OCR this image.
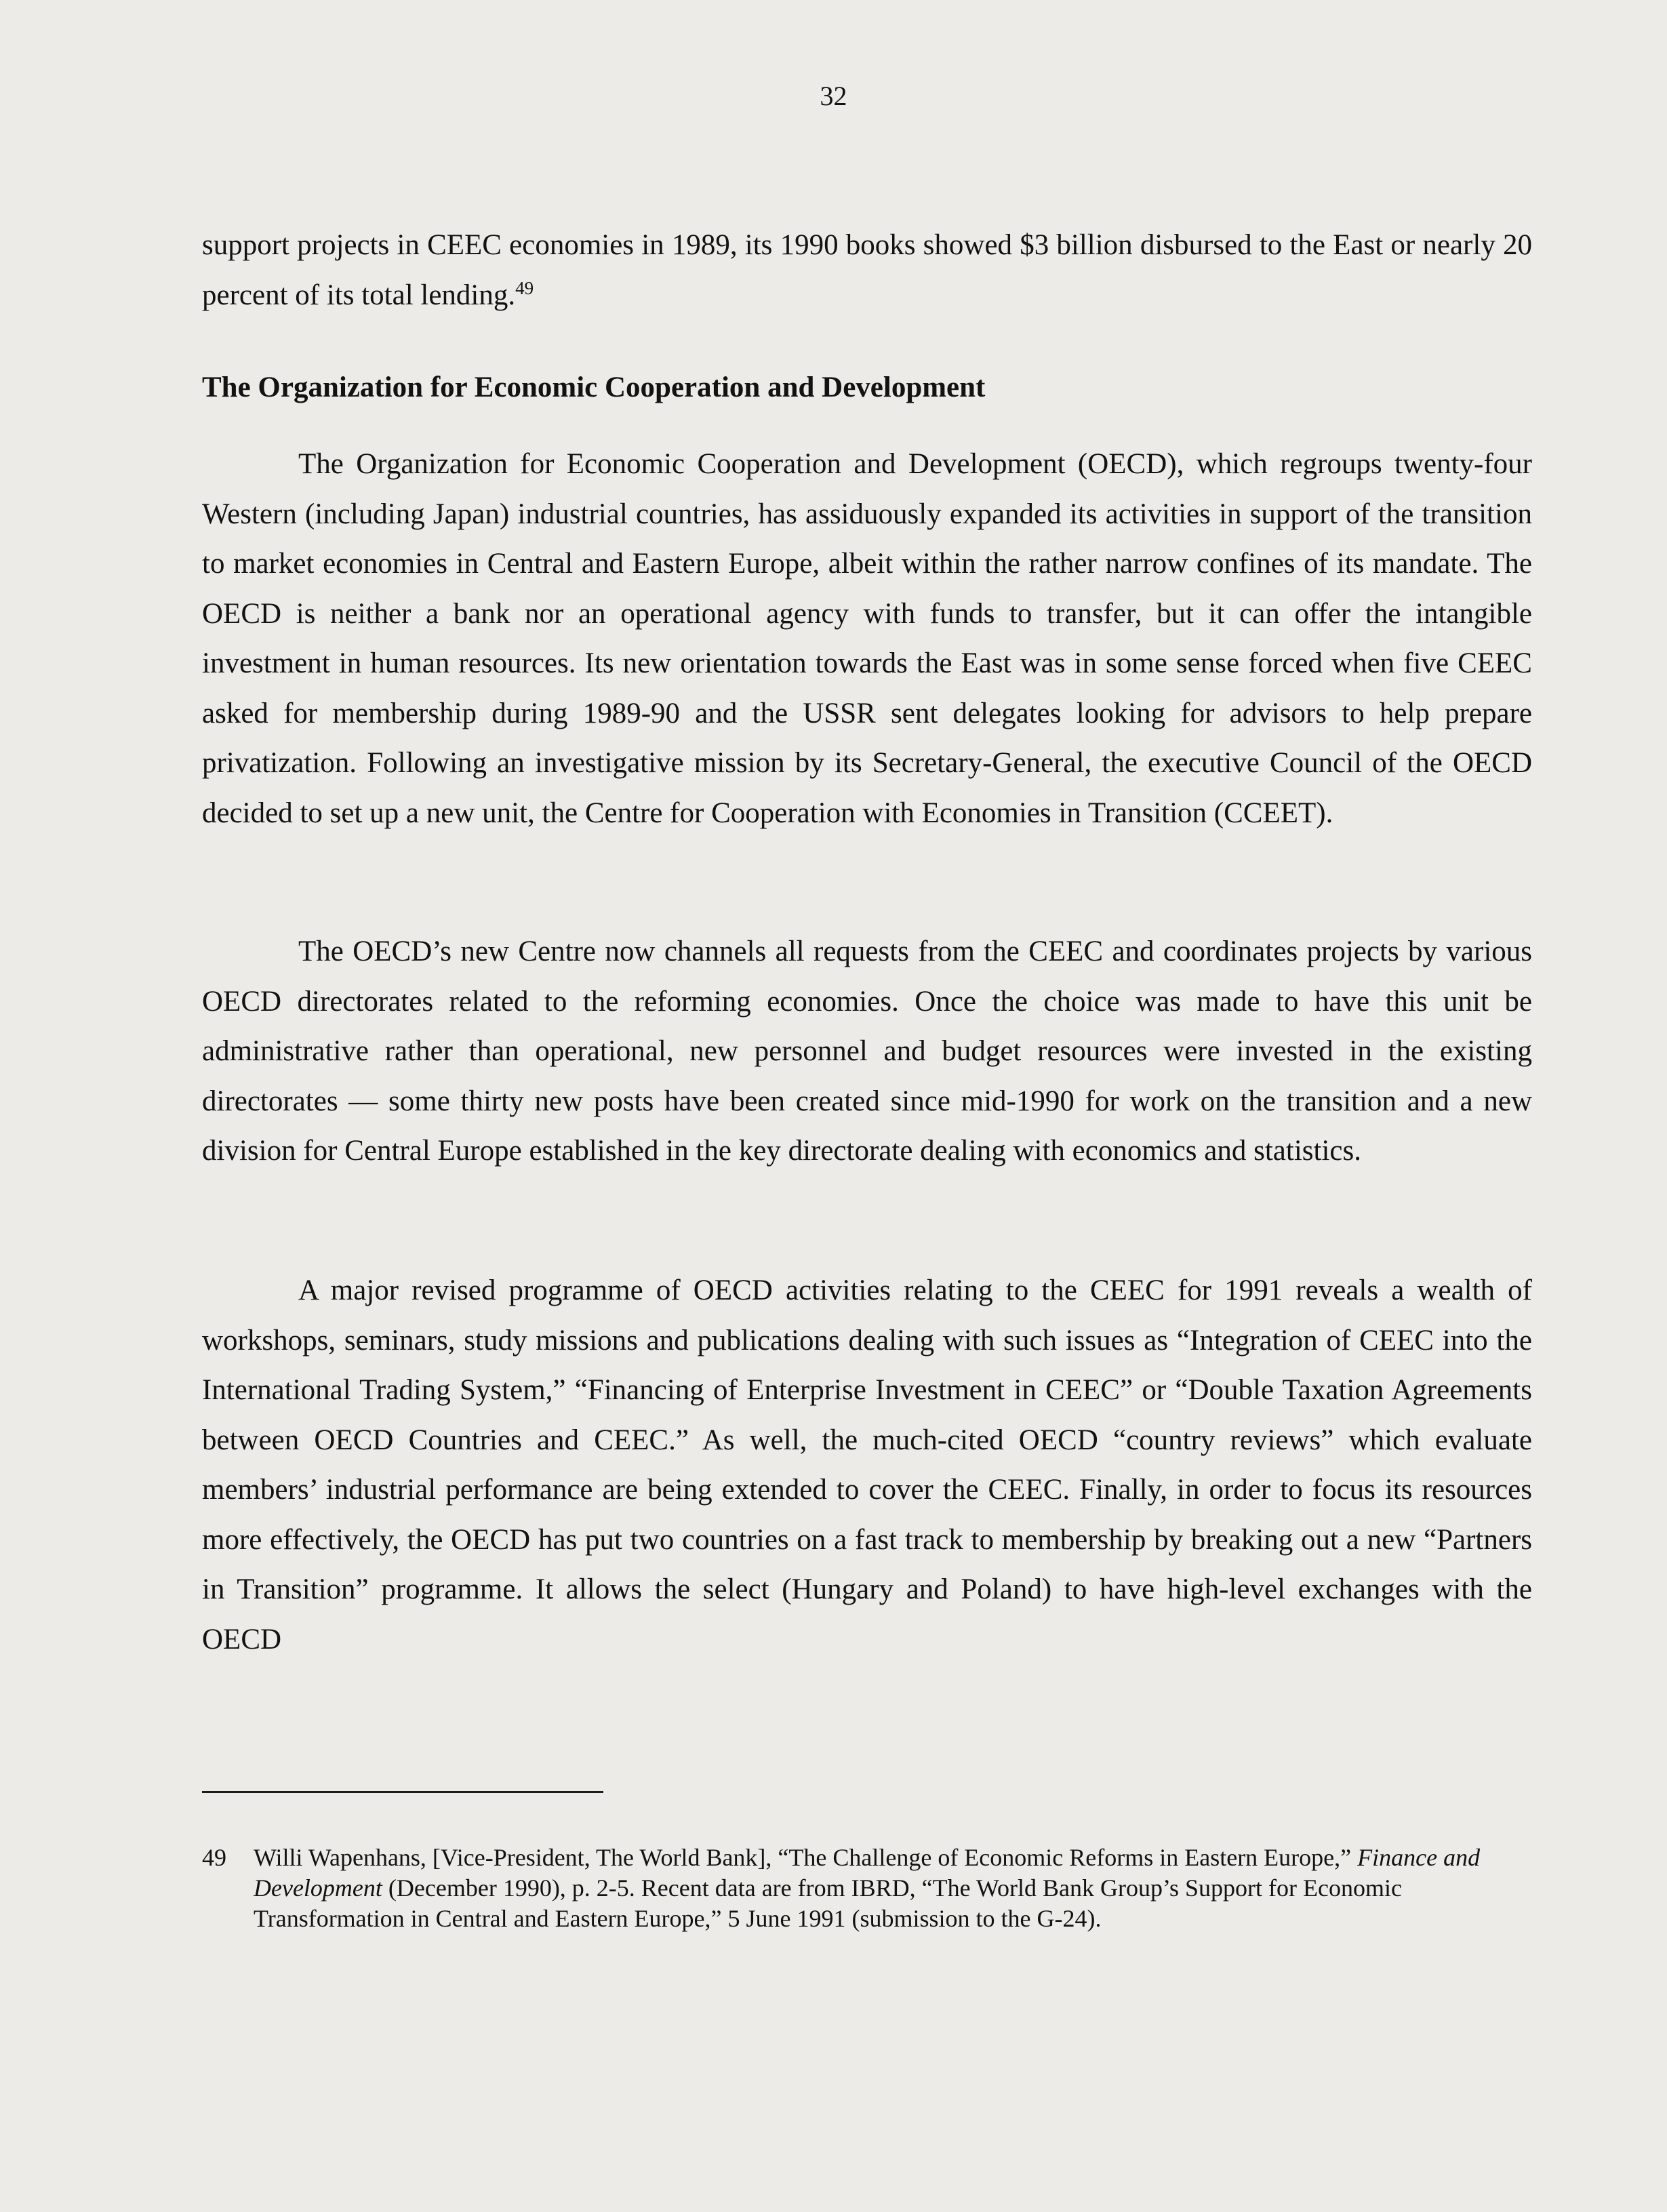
32

support projects in CEEC economies in 1989, its 1990 books showed $3 billion disbursed to the East or nearly 20 percent of its total lending.$^{49}$

The Organization for Economic Cooperation and Development

The Organization for Economic Cooperation and Development (OECD), which regroups twenty-four Western (including Japan) industrial countries, has assiduously expanded its activities in support of the transition to market economies in Central and Eastern Europe, albeit within the rather narrow confines of its mandate. The OECD is neither a bank nor an operational agency with funds to transfer, but it can offer the intangible investment in human resources. Its new orientation towards the East was in some sense forced when five CEEC asked for membership during 1989-90 and the USSR sent delegates looking for advisors to help prepare privatization. Following an investigative mission by its Secretary-General, the executive Council of the OECD decided to set up a new unit, the Centre for Cooperation with Economies in Transition (CCEET).

The OECD’s new Centre now channels all requests from the CEEC and coordinates projects by various OECD directorates related to the reforming economies. Once the choice was made to have this unit be administrative rather than operational, new personnel and budget resources were invested in the existing directorates — some thirty new posts have been created since mid-1990 for work on the transition and a new division for Central Europe established in the key directorate dealing with economics and statistics.

A major revised programme of OECD activities relating to the CEEC for 1991 reveals a wealth of workshops, seminars, study missions and publications dealing with such issues as “Integration of CEEC into the International Trading System,” “Financing of Enterprise Investment in CEEC” or “Double Taxation Agreements between OECD Countries and CEEC.” As well, the much-cited OECD “country reviews” which evaluate members’ industrial performance are being extended to cover the CEEC. Finally, in order to focus its resources more effectively, the OECD has put two countries on a fast track to membership by breaking out a new “Partners in Transition” programme. It allows the select (Hungary and Poland) to have high-level exchanges with the OECD

49 Willi Wapenhans, [Vice-President, The World Bank], “The Challenge of Economic Reforms in Eastern Europe,” Finance and Development (December 1990), p. 2-5. Recent data are from IBRD, “The World Bank Group’s Support for Economic Transformation in Central and Eastern Europe,” 5 June 1991 (submission to the G-24).
